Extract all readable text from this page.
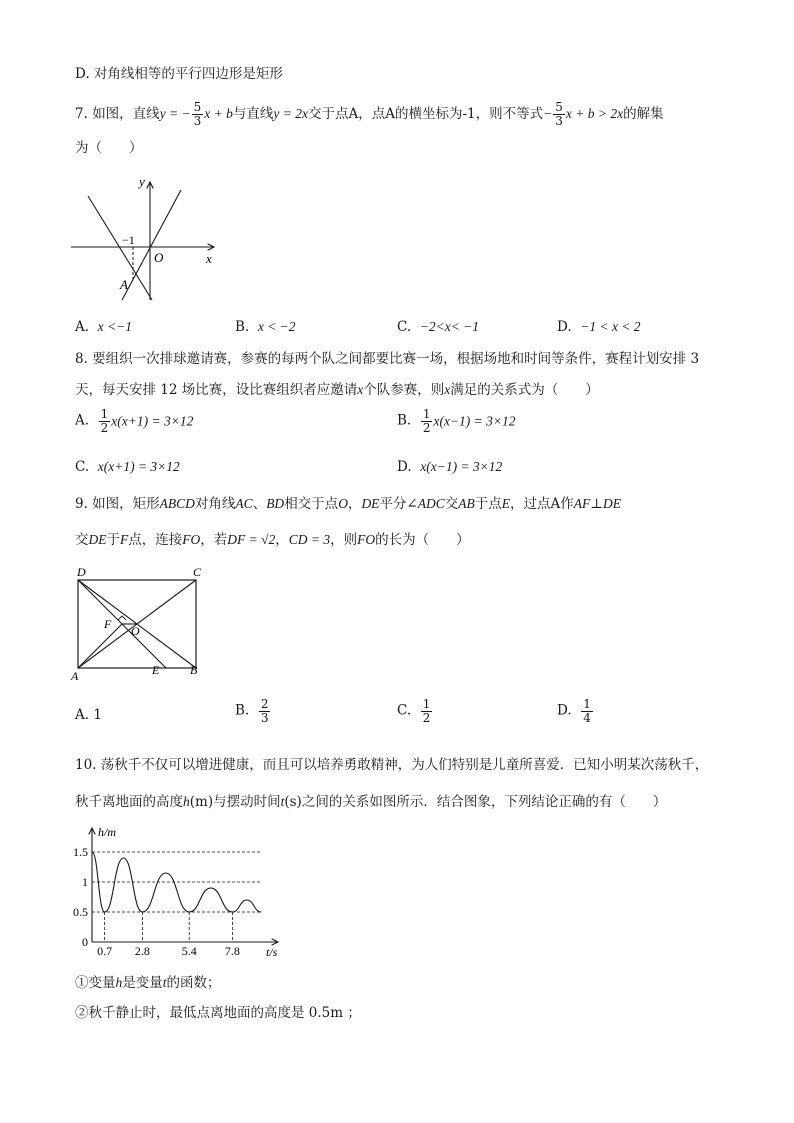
D. 对角线相等的平行四边形是矩形
7. 如图，直线y = − $\frac{5}{3}$ x + b与直线y = 2x交于点A，点A的横坐标为-1，则不等式− $\frac{5}{3}$ x + b > 2x的解集
为（　　）
y
x
O
A
−1
A. x <−1	B. x < −2	C. −2<x< −1	D. −1 < x < 2
8. 要组织一次排球邀请赛，参赛的每两个队之间都要比赛一场，根据场地和时间等条件，赛程计划安排 3
天，每天安排 12 场比赛，设比赛组织者应邀请x个队参赛，则x满足的关系式为（　　）
A. $\frac{1}{2} x(x+1) = 3\times 12$	B. $\frac{1}{2} x(x-1) = 3\times 12$
C. x(x+1) = 3×12	D. x(x−1) = 3×12
9. 如图，矩形ABCD对角线AC、BD相交于点O，DE平分∠ADC交AB于点E，过点A作AF⊥DE
交DE于F点，连接FO，若DF = √2，CD = 3，则FO的长为（　　）
D	C
A	B
E
F O
A. 1	B. $\frac{2}{3}$	C. $\frac{1}{2}$	D. $\frac{1}{4}$
10. 荡秋千不仅可以增进健康，而且可以培养勇敢精神，为人们特别是儿童所喜爱．已知小明某次荡秋千，
秋千离地面的高度h(m)与摆动时间t(s)之间的关系如图所示．结合图象，下列结论正确的有（　　）
h/m
t/s
1.5
1
0.5
0
0.7 2.8	5.4 7.8
①变量h是变量t的函数；
②秋千静止时，最低点离地面的高度是 0.5m ；
